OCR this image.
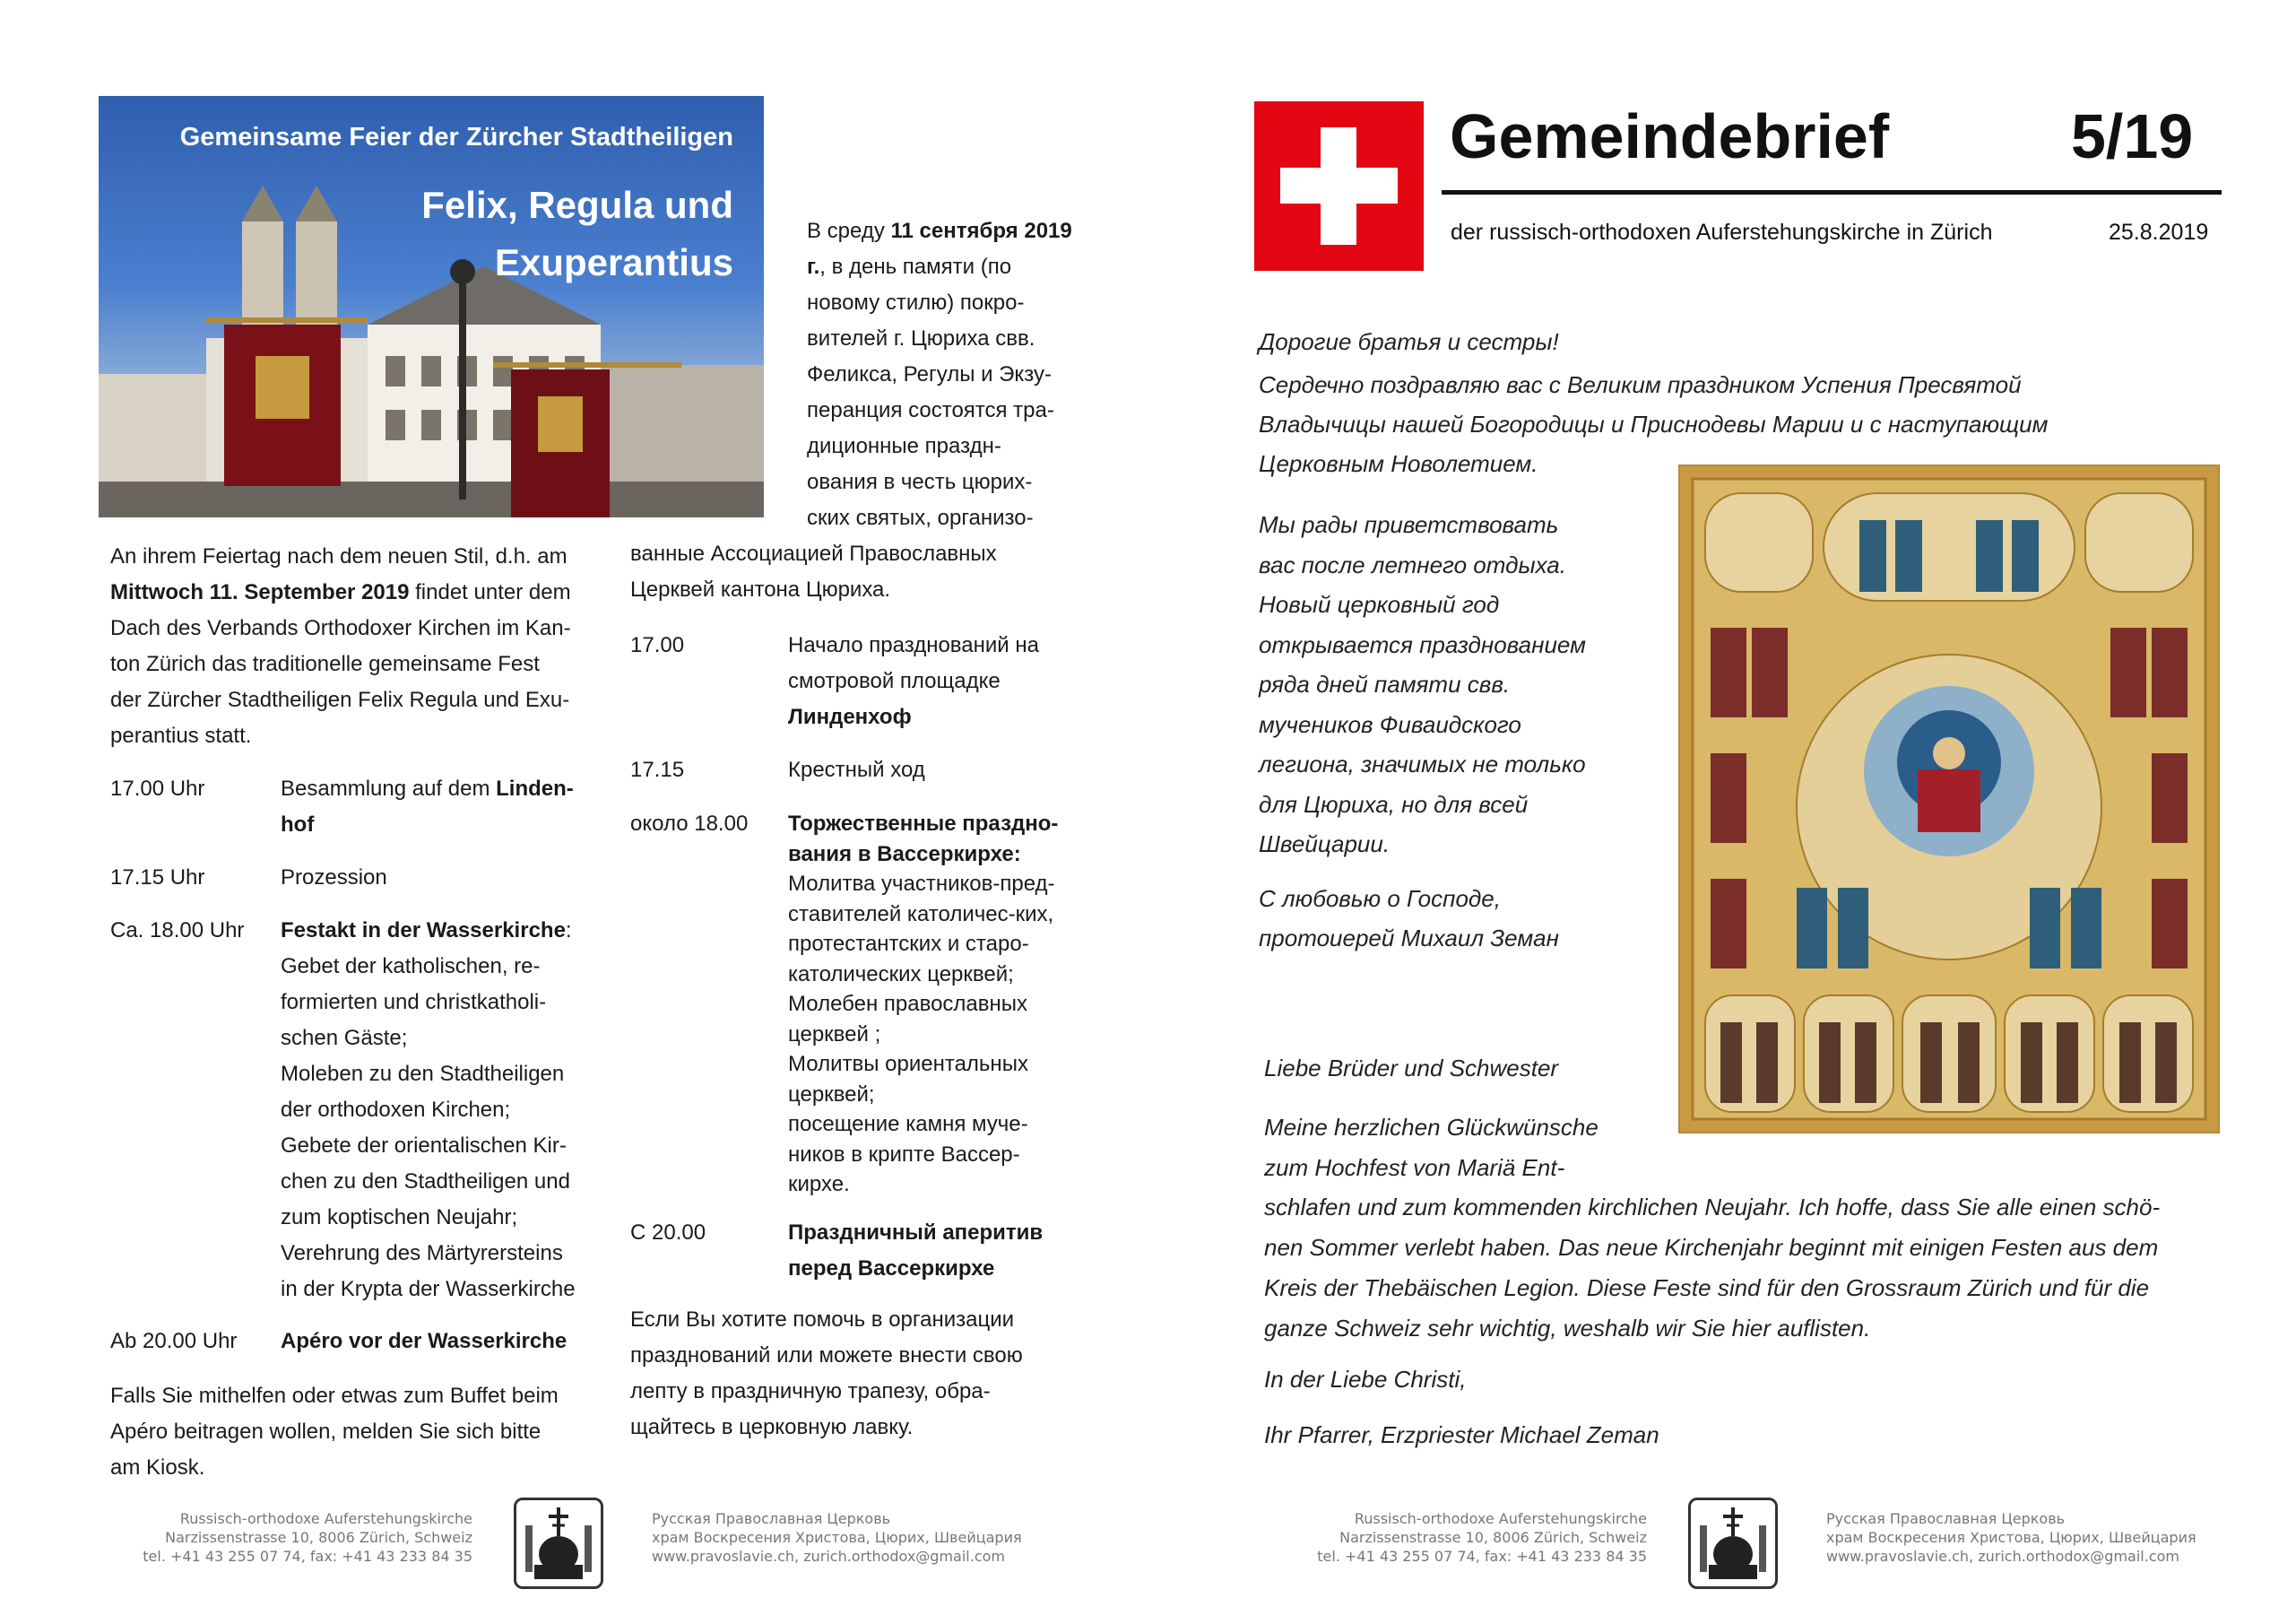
Gemeinsame Feier der Zürcher Stadtheiligen
Felix, Regula und
Exuperantius
В среду 11 сентября 2019
г., в день памяти (по
новому стилю) покро-
вителей г. Цюриха свв.
Феликса, Регулы и Экзу-
перанция состоятся тра-
диционные праздн-
ования в честь цюрих-
ских святых, организо-
ванные Ассоциацией Православных
Церквей кантона Цюриха.
An ihrem Feiertag nach dem neuen Stil, d.h. am
Mittwoch 11. September 2019 findet unter dem
Dach des Verbands Orthodoxer Kirchen im Kan-
ton Zürich das traditionelle gemeinsame Fest
der Zürcher Stadtheiligen Felix Regula und Exu-
perantius statt.
17.00 Uhr	Besammlung auf dem Linden-
hof
17.15 Uhr	Prozession
Ca. 18.00 Uhr Festakt in der Wasserkirche:
Gebet der katholischen, re-
formierten und christkatholi-
schen Gäste;
Moleben zu den Stadtheiligen
der orthodoxen Kirchen;
Gebete der orientalischen Kir-
chen zu den Stadtheiligen und
zum koptischen Neujahr;
Verehrung des Märtyrersteins
in der Krypta der Wasserkirche
Ab 20.00 Uhr Apéro vor der Wasserkirche
Falls Sie mithelfen oder etwas zum Buffet beim
Apéro beitragen wollen, melden Sie sich bitte
am Kiosk.
17.00	Начало празднований на
смотровой площадке
Линденхоф
17.15	Крестный ход
около 18.00 Торжественные праздно-
вания в Вассеркирхе:
Молитва участников-пред-
ставителей католичес-ких,
протестантских и старо-
католических церквей;
Молебен православных
церквей ;
Молитвы ориентальных
церквей;
посещение камня муче-
ников в крипте Вассер-
кирхе.
С 20.00	Праздничный аперитив
перед Вассеркирхе
Если Вы хотите помочь в организации
празднований или можете внести свою
лепту в праздничную трапезу, обра-
щайтесь в церковную лавку.
Russisch-orthodoxe Auferstehungskirche
Narzissenstrasse 10, 8006 Zürich, Schweiz
tel. +41 43 255 07 74, fax: +41 43 233 84 35
Русская Православная Церковь
храм Воскресения Христова, Цюрих, Швейцария
www.pravoslavie.ch, zurich.orthodox@gmail.com
Gemeindebrief	5/19
der russisch-orthodoxen Auferstehungskirche in Zürich	25.8.2019
Дорогие братья и сестры!
Сердечно поздравляю вас с Великим праздником Успения Пресвятой
Владычицы нашей Богородицы и Приснодевы Марии и с наступающим
Церковным Новолетием.
Мы рады приветствовать
вас после летнего отдыха.
Новый церковный год
открывается празднованием
ряда дней памяти свв.
мучеников Фиваидского
легиона, значимых не только
для Цюриха, но для всей
Швейцарии.
С любовью о Господе,
протоиерей Михаил Земан
Liebe Brüder und Schwester
Meine herzlichen Glückwünsche
zum Hochfest von Mariä Ent-
schlafen und zum kommenden kirchlichen Neujahr. Ich hoffe, dass Sie alle einen schö-
nen Sommer verlebt haben. Das neue Kirchenjahr beginnt mit einigen Festen aus dem
Kreis der Thebäischen Legion. Diese Feste sind für den Grossraum Zürich und für die
ganze Schweiz sehr wichtig, weshalb wir Sie hier auflisten.
In der Liebe Christi,
Ihr Pfarrer, Erzpriester Michael Zeman
Russisch-orthodoxe Auferstehungskirche
Narzissenstrasse 10, 8006 Zürich, Schweiz
tel. +41 43 255 07 74, fax: +41 43 233 84 35
Русская Православная Церковь
храм Воскресения Христова, Цюрих, Швейцария
www.pravoslavie.ch, zurich.orthodox@gmail.com
